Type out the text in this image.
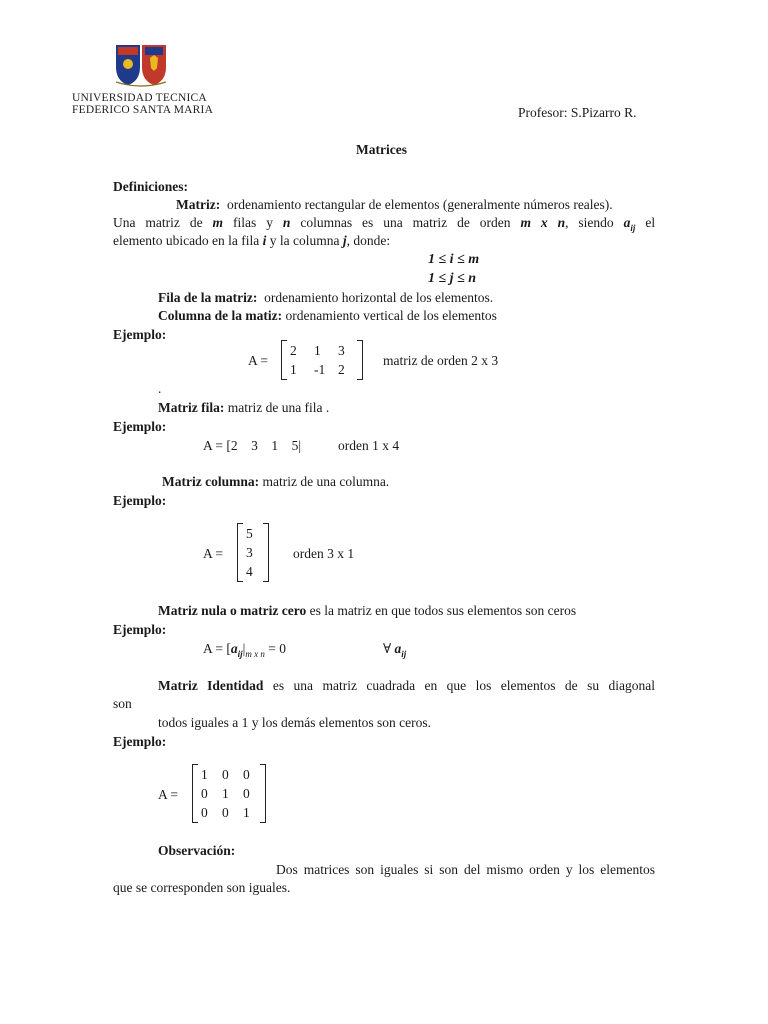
UNIVERSIDAD TECNICA
FEDERICO SANTA MARIA	Profesor: S.Pizarro R.
Matrices
Definiciones:
Matriz: ordenamiento rectangular de elementos (generalmente números reales).
Una matriz de m filas y n columnas es una matriz de orden m x n, siendo $a_{ij}$ el
elemento ubicado en la fila i y la columna j, donde:
1 ≤ i ≤ m
1 ≤ j ≤ n
Fila de la matriz: ordenamiento horizontal de los elementos.
Columna de la matiz: ordenamiento vertical de los elementos
Ejemplo:
A =
2	1	3
1	-1 2
matriz de orden 2 x 3
.
Matriz fila: matriz de una fila .
Ejemplo:
A = [2    3    1    5|	orden 1 x 4
Matriz columna: matriz de una columna.
Ejemplo:
A =
5
3
4
orden 3 x 1
Matriz nula o matriz cero es la matriz en que todos sus elementos son ceros
Ejemplo:
$A = [a_{ij}|_{m x n} = 0$	∀ $a_{ij}$
Matriz Identidad es una matriz cuadrada en que los elementos de su diagonal
son
todos iguales a 1 y los demás elementos son ceros.
Ejemplo:
A =
1	0	0
0	1	0
0	0	1
Observación:
Dos matrices son iguales si son del mismo orden y los elementos
que se corresponden son iguales.
